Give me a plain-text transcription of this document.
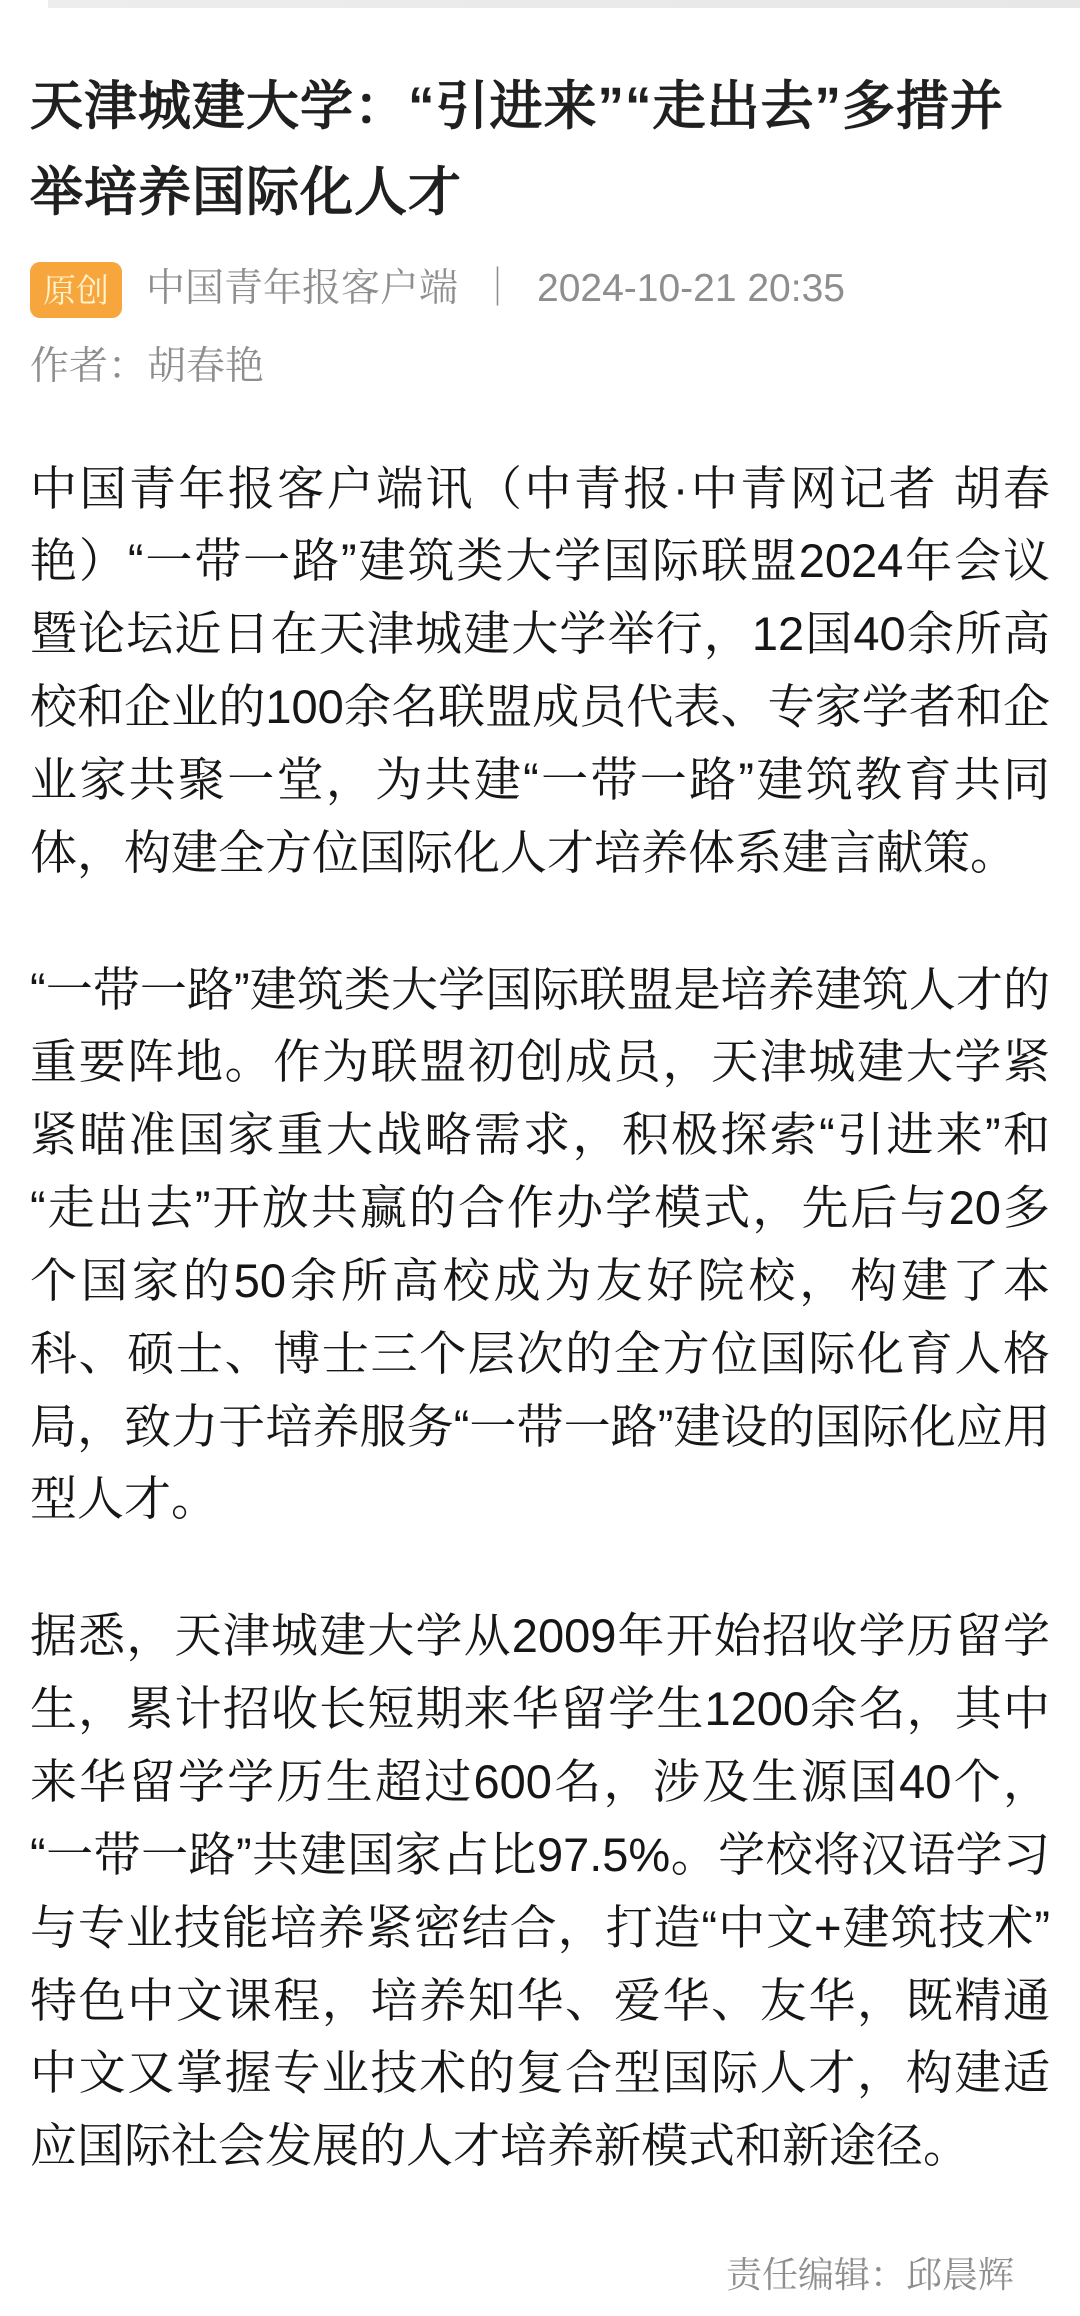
天津城建大学：“引进来”“走出去”多措并举培养国际化人才
原创 中国青年报客户端 ｜ 2024-10-21 20:35
作者：胡春艳

中国青年报客户端讯（中青报·中青网记者 胡春艳）“一带一路”建筑类大学国际联盟2024年会议暨论坛近日在天津城建大学举行，12国40余所高校和企业的100余名联盟成员代表、专家学者和企业家共聚一堂，为共建“一带一路”建筑教育共同体，构建全方位国际化人才培养体系建言献策。

“一带一路”建筑类大学国际联盟是培养建筑人才的重要阵地。作为联盟初创成员，天津城建大学紧紧瞄准国家重大战略需求，积极探索“引进来”和“走出去”开放共赢的合作办学模式，先后与20多个国家的50余所高校成为友好院校，构建了本科、硕士、博士三个层次的全方位国际化育人格局，致力于培养服务“一带一路”建设的国际化应用型人才。

据悉，天津城建大学从2009年开始招收学历留学生，累计招收长短期来华留学生1200余名，其中来华留学学历生超过600名，涉及生源国40个，“一带一路”共建国家占比97.5%。学校将汉语学习与专业技能培养紧密结合，打造“中文+建筑技术”特色中文课程，培养知华、爱华、友华，既精通中文又掌握专业技术的复合型国际人才，构建适应国际社会发展的人才培养新模式和新途径。

责任编辑：邱晨辉
